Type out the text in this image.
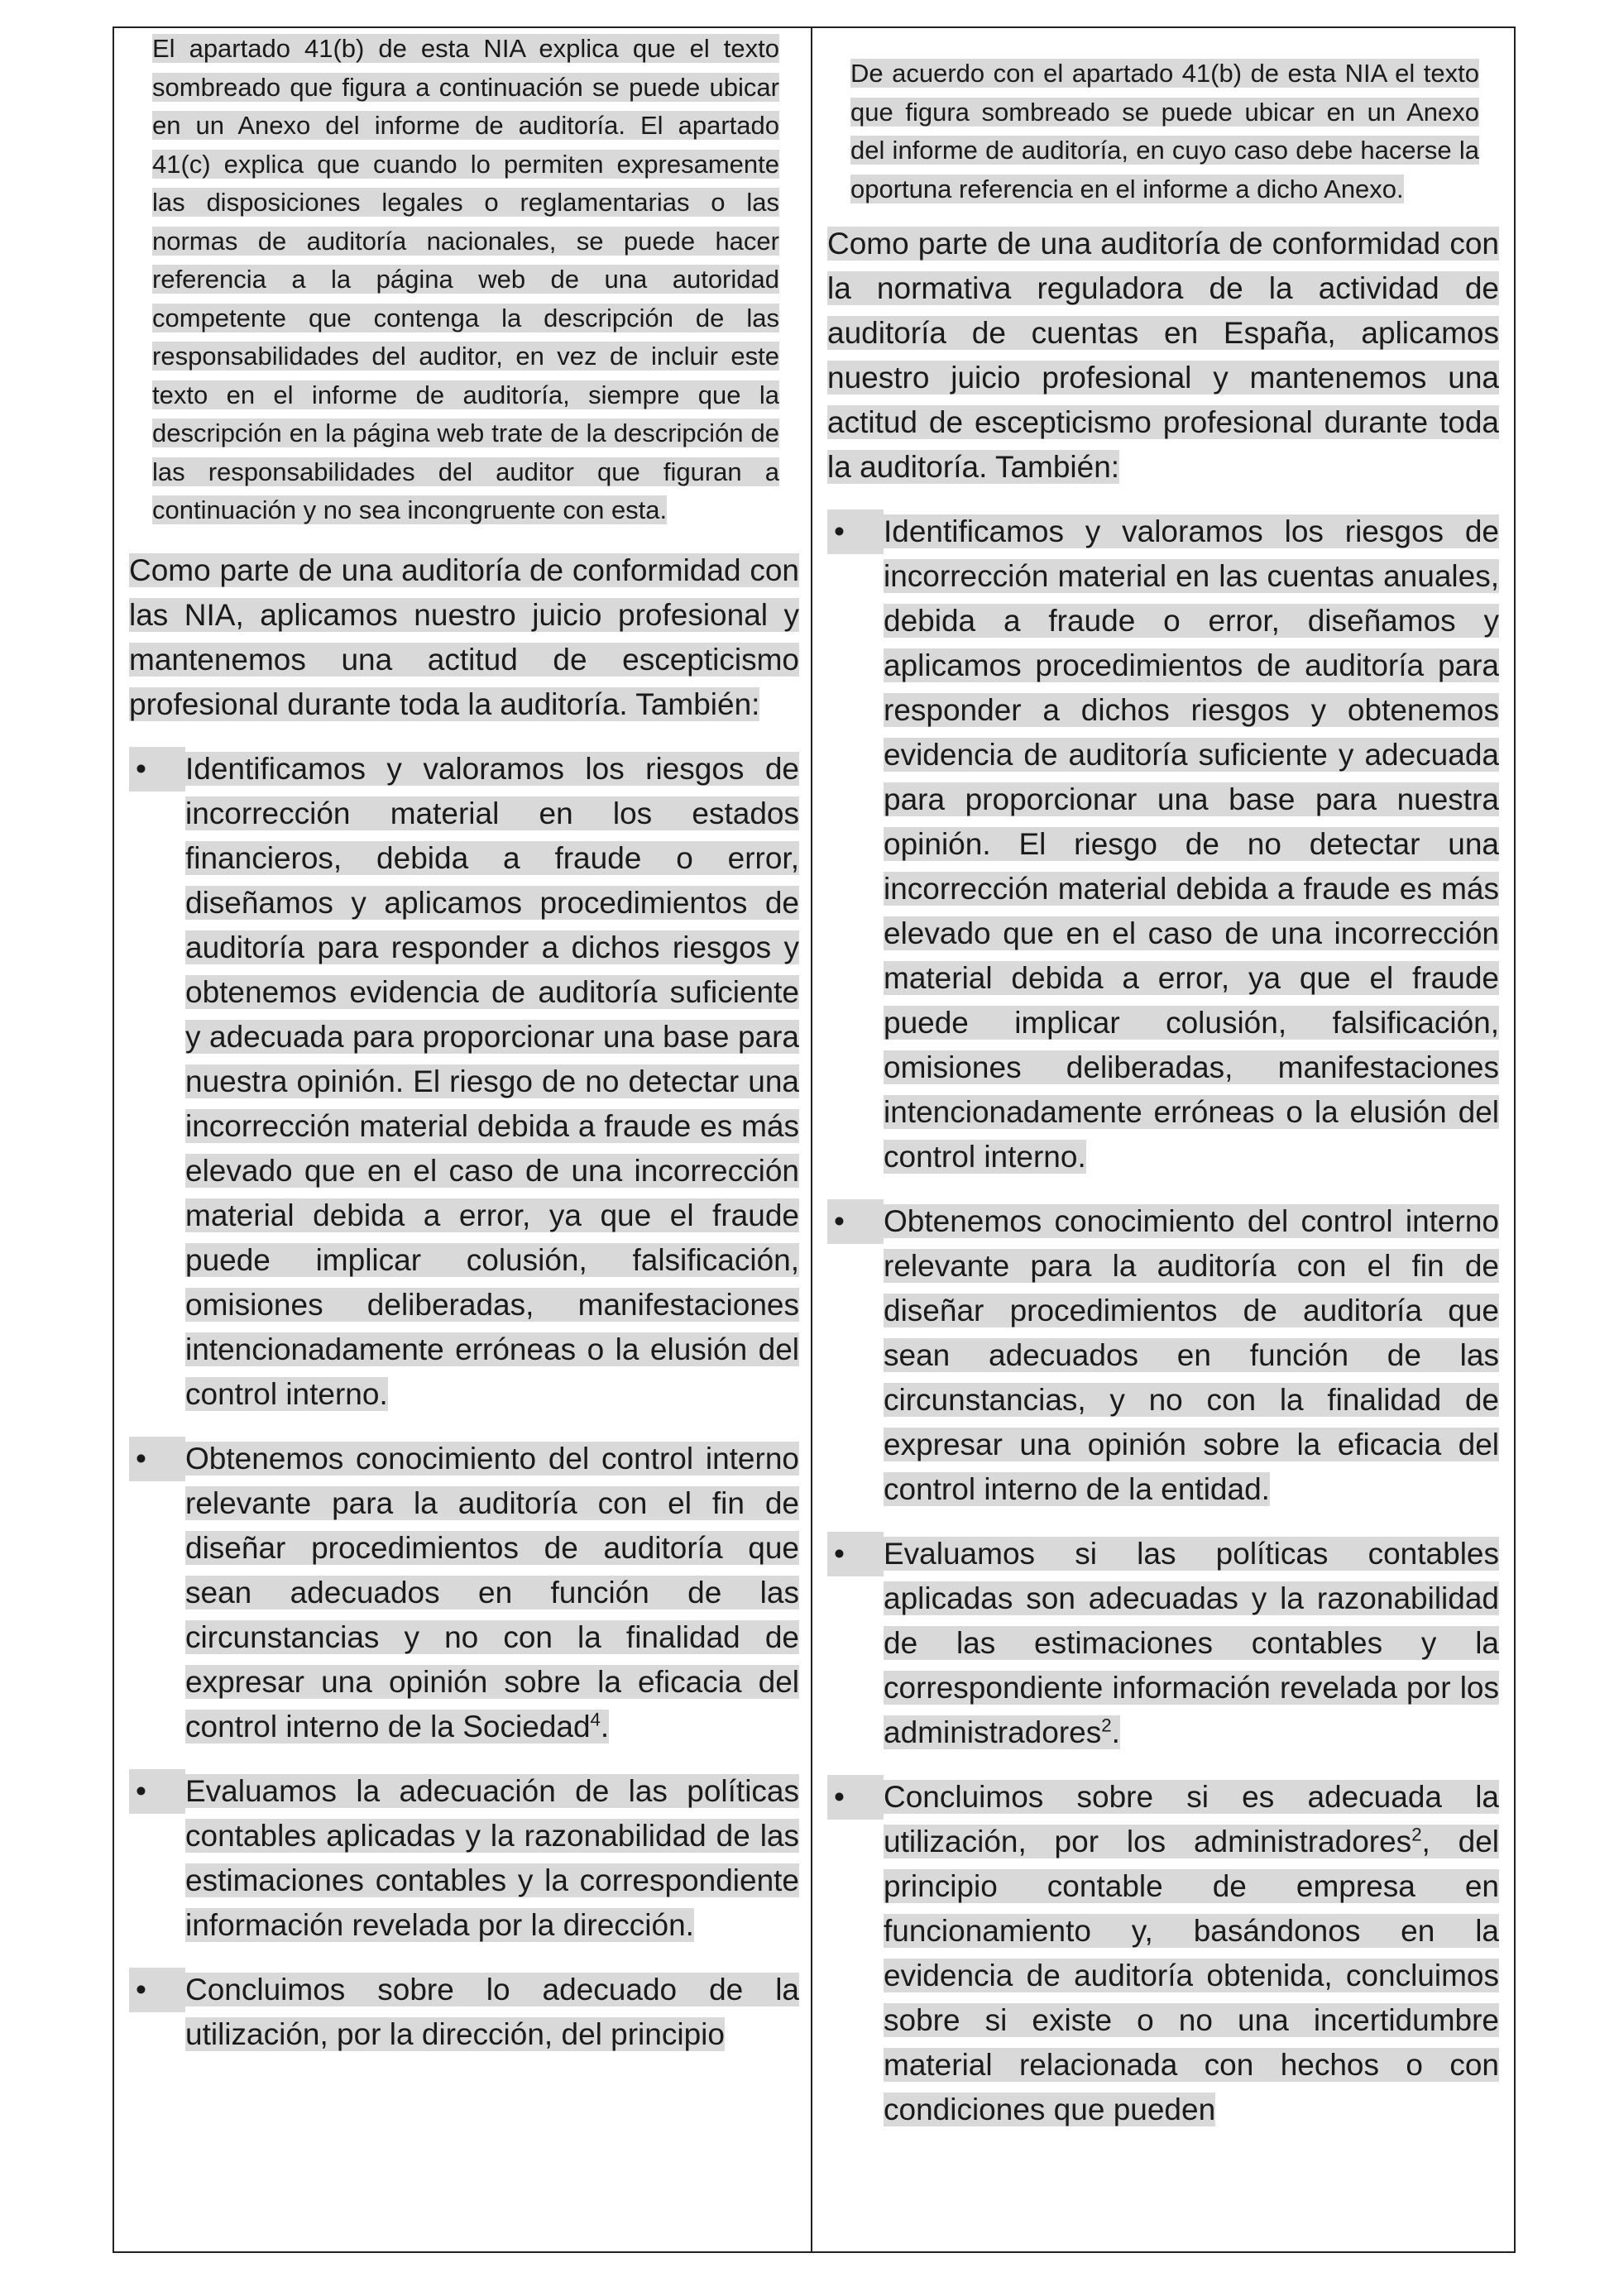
El apartado 41(b) de esta NIA explica que el texto sombreado que figura a continuación se puede ubicar en un Anexo del informe de auditoría. El apartado 41(c) explica que cuando lo permiten expresamente las disposiciones legales o reglamentarias o las normas de auditoría nacionales, se puede hacer referencia a la página web de una autoridad competente que contenga la descripción de las responsabilidades del auditor, en vez de incluir este texto en el informe de auditoría, siempre que la descripción en la página web trate de la descripción de las responsabilidades del auditor que figuran a continuación y no sea incongruente con esta.

Como parte de una auditoría de conformidad con las NIA, aplicamos nuestro juicio profesional y mantenemos una actitud de escepticismo profesional durante toda la auditoría. También:

•	Identificamos y valoramos los riesgos de incorrección material en los estados financieros, debida a fraude o error, diseñamos y aplicamos procedimientos de auditoría para responder a dichos riesgos y obtenemos evidencia de auditoría suficiente y adecuada para proporcionar una base para nuestra opinión. El riesgo de no detectar una incorrección material debida a fraude es más elevado que en el caso de una incorrección material debida a error, ya que el fraude puede implicar colusión, falsificación, omisiones deliberadas, manifestaciones intencionadamente erróneas o la elusión del control interno.
•	Obtenemos conocimiento del control interno relevante para la auditoría con el fin de diseñar procedimientos de auditoría que sean adecuados en función de las circunstancias y no con la finalidad de expresar una opinión sobre la eficacia del control interno de la Sociedad$^4$.
•	Evaluamos la adecuación de las políticas contables aplicadas y la razonabilidad de las estimaciones contables y la correspondiente información revelada por la dirección.
•	Concluimos sobre lo adecuado de la utilización, por la dirección, del principio

De acuerdo con el apartado 41(b) de esta NIA el texto que figura sombreado se puede ubicar en un Anexo del informe de auditoría, en cuyo caso debe hacerse la oportuna referencia en el informe a dicho Anexo.

Como parte de una auditoría de conformidad con la normativa reguladora de la actividad de auditoría de cuentas en España, aplicamos nuestro juicio profesional y mantenemos una actitud de escepticismo profesional durante toda la auditoría. También:

•	Identificamos y valoramos los riesgos de incorrección material en las cuentas anuales, debida a fraude o error, diseñamos y aplicamos procedimientos de auditoría para responder a dichos riesgos y obtenemos evidencia de auditoría suficiente y adecuada para proporcionar una base para nuestra opinión. El riesgo de no detectar una incorrección material debida a fraude es más elevado que en el caso de una incorrección material debida a error, ya que el fraude puede implicar colusión, falsificación, omisiones deliberadas, manifestaciones intencionadamente erróneas o la elusión del control interno.
•	Obtenemos conocimiento del control interno relevante para la auditoría con el fin de diseñar procedimientos de auditoría que sean adecuados en función de las circunstancias, y no con la finalidad de expresar una opinión sobre la eficacia del control interno de la entidad.
•	Evaluamos si las políticas contables aplicadas son adecuadas y la razonabilidad de las estimaciones contables y la correspondiente información revelada por los administradores$^2$.
•	Concluimos sobre si es adecuada la utilización, por los administradores$^2$, del principio contable de empresa en funcionamiento y, basándonos en la evidencia de auditoría obtenida, concluimos sobre si existe o no una incertidumbre material relacionada con hechos o con condiciones que pueden
